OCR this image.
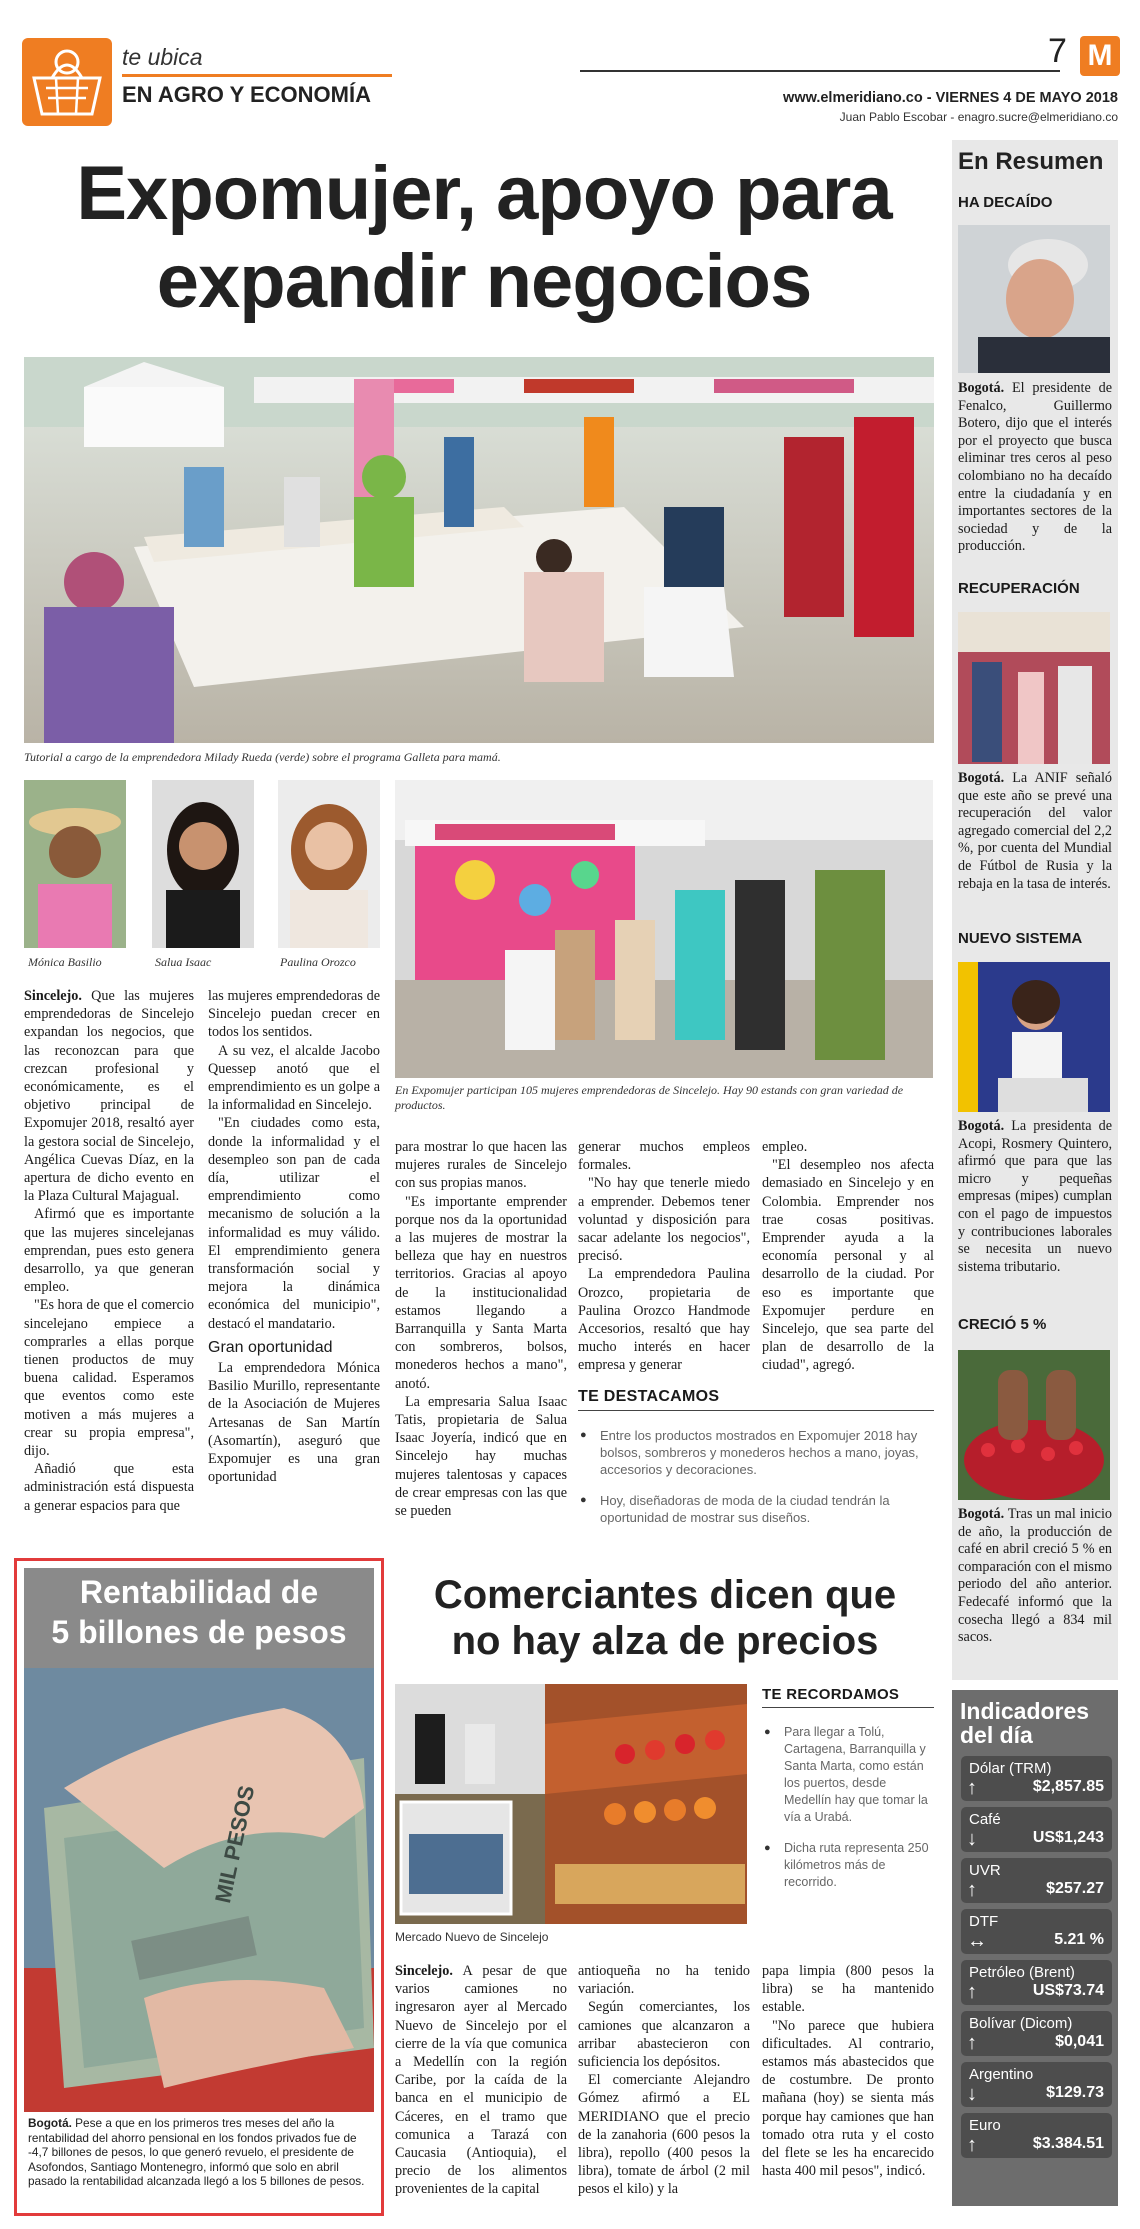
te ubica
EN AGRO Y ECONOMÍA
7 M
www.elmeridiano.co - VIERNES 4 DE MAYO 2018
Juan Pablo Escobar - enagro.sucre@elmeridiano.co
Expomujer, apoyo para
expandir negocios
Tutorial a cargo de la emprendedora Milady Rueda (verde) sobre el programa Galleta para mamá.
Mónica Basilio	Salua Isaac	Paulina Orozco
En Expomujer participan 105 mujeres emprendedoras de Sincelejo. Hay 90 estands con gran variedad de productos.

Sincelejo. Que las mujeres emprendedoras de Sincelejo expandan los negocios, que las reconozcan para que crezcan profesional y económicamente, es el objetivo principal de Expomujer 2018, resaltó ayer la gestora social de Sincelejo, Angélica Cuevas Díaz, en la apertura de dicho evento en la Plaza Cultural Majagual.

Afirmó que es importante que las mujeres sincelejanas emprendan, pues esto genera desarrollo, ya que generan empleo.

"Es hora de que el comercio sincelejano empiece a comprarles a ellas porque tienen productos de muy buena calidad. Esperamos que eventos como este motiven a más mujeres a crear su propia empresa", dijo.

Añadió que esta administración está dispuesta a generar espacios para que

las mujeres emprendedoras de Sincelejo puedan crecer en todos los sentidos.

A su vez, el alcalde Jacobo Quessep anotó que el emprendimiento es un golpe a la informalidad en Sincelejo.

"En ciudades como esta, donde la informalidad y el desempleo son pan de cada día, utilizar el emprendimiento como mecanismo de solución a la informalidad es muy válido. El emprendimiento genera transformación social y mejora la dinámica económica del municipio", destacó el mandatario.

Gran oportunidad

La emprendedora Mónica Basilio Murillo, representante de la Asociación de Mujeres Artesanas de San Martín (Asomartín), aseguró que Expomujer es una gran oportunidad

para mostrar lo que hacen las mujeres rurales de Sincelejo con sus propias manos.

"Es importante emprender porque nos da la oportunidad a las mujeres de mostrar la belleza que hay en nuestros territorios. Gracias al apoyo de la institucionalidad estamos llegando a Barranquilla y Santa Marta con sombreros, bolsos, monederos hechos a mano", anotó.

La empresaria Salua Isaac Tatis, propietaria de Salua Isaac Joyería, indicó que en Sincelejo hay muchas mujeres talentosas y capaces de crear empresas con las que se pueden

generar muchos empleos formales.

"No hay que tenerle miedo a emprender. Debemos tener voluntad y disposición para sacar adelante los negocios", precisó.

La emprendedora Paulina Orozco, propietaria de Paulina Orozco Handmode Accesorios, resaltó que hay mucho interés en hacer empresa y generar

empleo.

"El desempleo nos afecta demasiado en Sincelejo y en Colombia. Emprender nos trae cosas positivas. Emprender ayuda a la economía personal y al desarrollo de la ciudad. Por eso es importante que Expomujer perdure en Sincelejo, que sea parte del plan de desarrollo de la ciudad", agregó.

TE DESTACAMOS
● Entre los productos mostrados en Expomujer 2018 hay bolsos, sombreros y monederos hechos a mano, joyas, accesorios y decoraciones.
● Hoy, diseñadoras de moda de la ciudad tendrán la oportunidad de mostrar sus diseños.
En Resumen
HA DECAÍDO
Bogotá. El presidente de Fenalco, Guillermo Botero, dijo que el interés por el proyecto que busca eliminar tres ceros al peso colombiano no ha decaído entre la ciudadanía y en importantes sectores de la sociedad y de la producción.
RECUPERACIÓN
Bogotá. La ANIF señaló que este año se prevé una recuperación del valor agregado comercial del 2,2 %, por cuenta del Mundial de Fútbol de Rusia y la rebaja en la tasa de interés.
NUEVO SISTEMA
Bogotá. La presidenta de Acopi, Rosmery Quintero, afirmó que para que las micro y pequeñas empresas (mipes) cumplan con el pago de impuestos y contribuciones laborales se necesita un nuevo sistema tributario.
CRECIÓ 5 %
Bogotá. Tras un mal inicio de año, la producción de café en abril creció 5 % en comparación con el mismo periodo del año anterior. Fedecafé informó que la cosecha llegó a 834 mil sacos.
Indicadores
del día
Dólar (TRM)
↑	$2,857.85
Café
↓	US$1,243
UVR
↑	$257.27
DTF
↔	5.21 %
Petróleo (Brent)
↑	US$73.74
Bolívar (Dicom)
↑	$0,041
Argentino
↓	$129.73
Euro
↑	$3.384.51
Rentabilidad de
5 billones de pesos
MIL PESOS
Bogotá. Pese a que en los primeros tres meses del año la rentabilidad del ahorro pensional en los fondos privados fue de -4,7 billones de pesos, lo que generó revuelo, el presidente de Asofondos, Santiago Montenegro, informó que solo en abril pasado la rentabilidad alcanzada llegó a los 5 billones de pesos.
Comerciantes dicen que
no hay alza de precios
Mercado Nuevo de Sincelejo
TE RECORDAMOS
● Para llegar a Tolú, Cartagena, Barranquilla y Santa Marta, como están los puertos, desde Medellín hay que tomar la vía a Urabá.
● Dicha ruta representa 250 kilómetros más de recorrido.

Sincelejo. A pesar de que varios camiones no ingresaron ayer al Mercado Nuevo de Sincelejo por el cierre de la vía que comunica a Medellín con la región Caribe, por la caída de la banca en el municipio de Cáceres, en el tramo que comunica a Tarazá con Caucasia (Antioquia), el precio de los alimentos provenientes de la capital

antioqueña no ha tenido variación.

Según comerciantes, los camiones que alcanzaron a arribar abastecieron con suficiencia los depósitos.

El comerciante Alejandro Gómez afirmó a EL MERIDIANO que el precio de la zanahoria (600 pesos la libra), repollo (400 pesos la libra), tomate de árbol (2 mil pesos el kilo) y la

papa limpia (800 pesos la libra) se ha mantenido estable.

"No parece que hubiera dificultades. Al contrario, estamos más abastecidos que de costumbre. De pronto mañana (hoy) se sienta más porque hay camiones que han tomado otra ruta y el costo del flete se les ha encarecido hasta 400 mil pesos", indicó.
